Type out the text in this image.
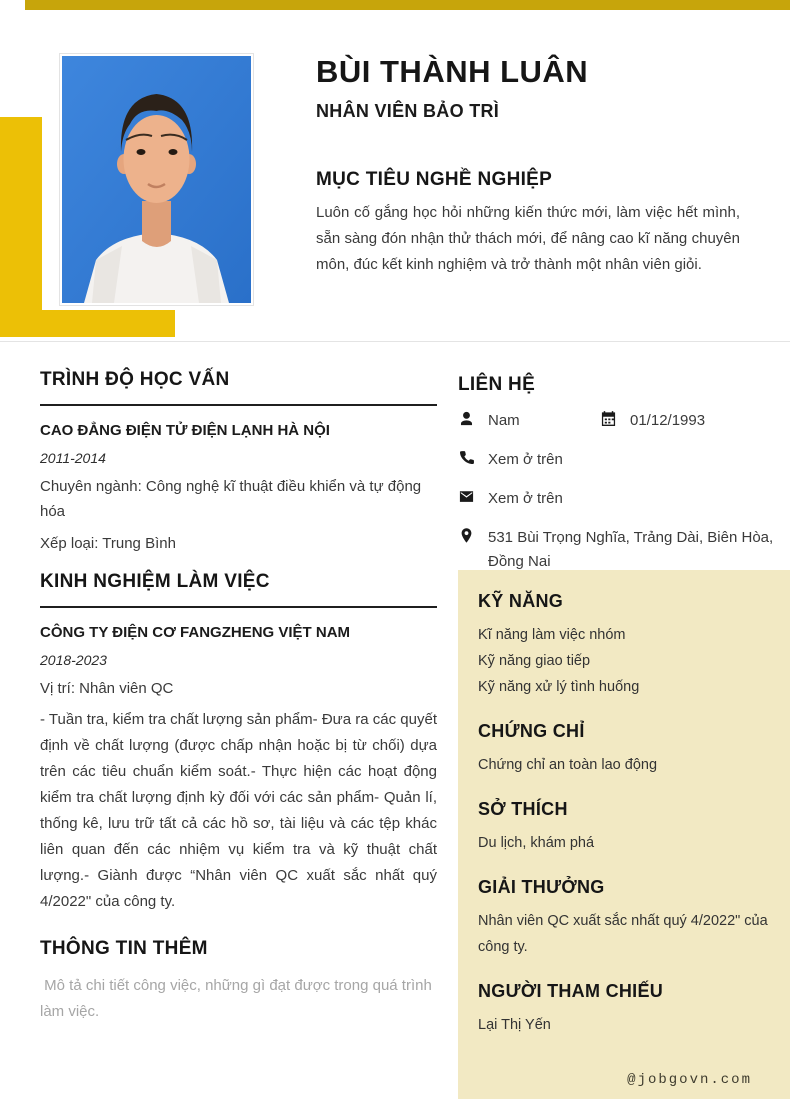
BÙI THÀNH LUÂN
NHÂN VIÊN BẢO TRÌ
MỤC TIÊU NGHỀ NGHIỆP
Luôn cố gắng học hỏi những kiến thức mới, làm việc hết mình, sẵn sàng đón nhận thử thách mới, để nâng cao kĩ năng chuyên môn, đúc kết kinh nghiệm và trở thành một nhân viên giỏi.
TRÌNH ĐỘ HỌC VẤN
CAO ĐẲNG ĐIỆN TỬ ĐIỆN LẠNH HÀ NỘI
2011-2014
Chuyên ngành: Công nghệ kĩ thuật điều khiển và tự động hóa
Xếp loại: Trung Bình
KINH NGHIỆM LÀM VIỆC
CÔNG TY ĐIỆN CƠ FANGZHENG VIỆT NAM
2018-2023
Vị trí: Nhân viên QC
- Tuần tra, kiểm tra chất lượng sản phẩm- Đưa ra các quyết định về chất lượng (được chấp nhận hoặc bị từ chối) dựa trên các tiêu chuẩn kiểm soát.- Thực hiện các hoạt động kiểm tra chất lượng định kỳ đối với các sản phẩm- Quản lí, thống kê, lưu trữ tất cả các hồ sơ, tài liệu và các tệp khác liên quan đến các nhiệm vụ kiểm tra và kỹ thuật chất lượng.- Giành được “Nhân viên QC xuất sắc nhất quý 4/2022" của công ty.
THÔNG TIN THÊM
Mô tả chi tiết công việc, những gì đạt được trong quá trình làm việc.
LIÊN HỆ
Nam	01/12/1993
Xem ở trên
Xem ở trên
531 Bùi Trọng Nghĩa, Trảng Dài, Biên Hòa, Đồng Nai
KỸ NĂNG
Kĩ năng làm việc nhóm
Kỹ năng giao tiếp
Kỹ năng xử lý tình huống
CHỨNG CHỈ
Chứng chỉ an toàn lao động
SỞ THÍCH
Du lịch, khám phá
GIẢI THƯỞNG
Nhân viên QC xuất sắc nhất quý 4/2022" của công ty.
NGƯỜI THAM CHIẾU
Lại Thị Yến
@jobgovn.com
